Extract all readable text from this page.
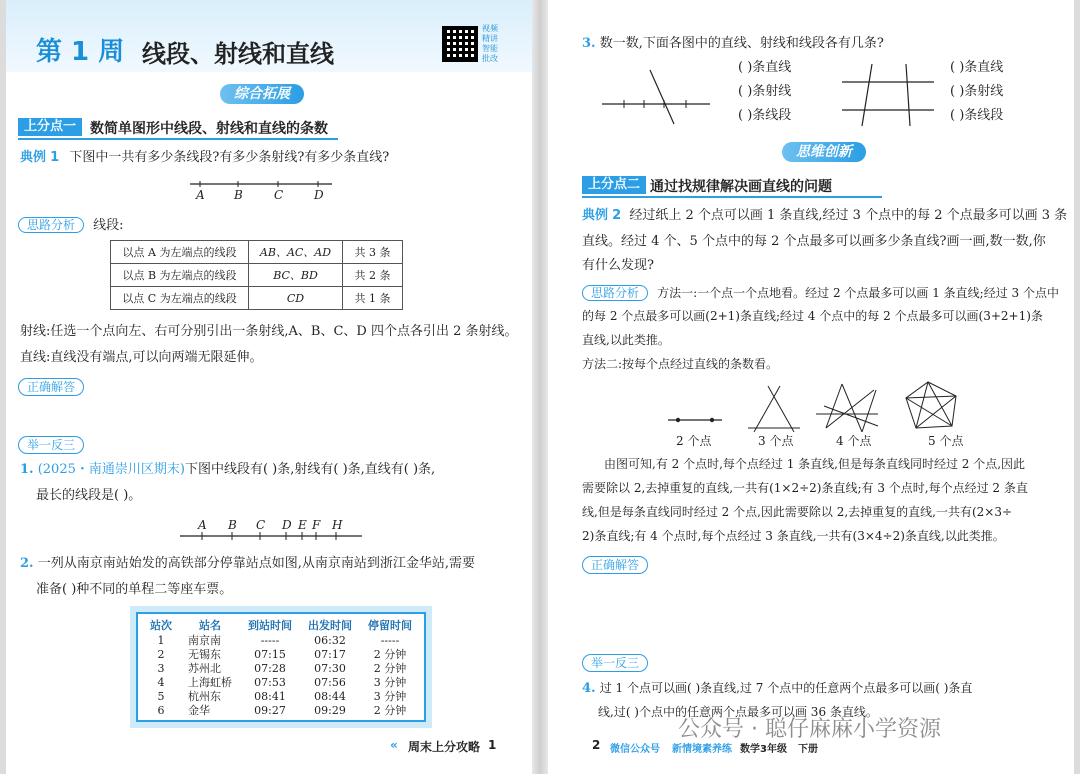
第 1 周 线段、射线和直线
视频精讲智能批改
综合拓展
上分点一 数简单图形中线段、射线和直线的条数
典例 1 下图中一共有多少条线段?有多少条射线?有多少条直线?
A B	C	D
思路分析 线段:
以点 A 为左端点的线段	AB、AC、AD	共 3 条
以点 B 为左端点的线段	BC、BD	共 2 条
以点 C 为左端点的线段	CD	共 1 条
射线:任选一个点向左、右可分别引出一条射线,A、B、C、D 四个点各引出 2 条射线。
直线:直线没有端点,可以向两端无限延伸。
正确解答
举一反三
1. (2025・南通崇川区期末)下图中线段有( )条,射线有( )条,直线有( )条,
最长的线段是( )。
A B C D E F H
2. 一列从南京南站始发的高铁部分停靠站点如图,从南京南站到浙江金华站,需要
准备( )种不同的单程二等座车票。
站次	站名	到站时间	出发时间	停留时间
1	南京南	-----	06:32	-----
2	无锡东	07:15	07:17	2 分钟
3	苏州北	07:28	07:30	2 分钟
4	上海虹桥	07:53	07:56	3 分钟
5	杭州东	08:41	08:44	3 分钟
6	金华	09:27	09:29	2 分钟
« 周末上分攻略 1
3. 数一数,下面各图中的直线、射线和线段各有几条?
( )条直线
( )条射线
( )条线段
( )条直线
( )条射线
( )条线段
思维创新
上分点二 通过找规律解决画直线的问题
典例 2 经过纸上 2 个点可以画 1 条直线,经过 3 个点中的每 2 个点最多可以画 3 条
直线。经过 4 个、5 个点中的每 2 个点最多可以画多少条直线?画一画,数一数,你
有什么发现?
思路分析 方法一:一个点一个点地看。经过 2 个点最多可以画 1 条直线;经过 3 个点中
的每 2 个点最多可以画(2+1)条直线;经过 4 个点中的每 2 个点最多可以画(3+2+1)条
直线,以此类推。
方法二:按每个点经过直线的条数看。
2 个点	3 个点	4 个点	5 个点
由图可知,有 2 个点时,每个点经过 1 条直线,但是每条直线同时经过 2 个点,因此
需要除以 2,去掉重复的直线,一共有(1×2÷2)条直线;有 3 个点时,每个点经过 2 条直
线,但是每条直线同时经过 2 个点,因此需要除以 2,去掉重复的直线,一共有(2×3÷
2)条直线;有 4 个点时,每个点经过 3 条直线,一共有(3×4÷2)条直线,以此类推。
正确解答
举一反三
4. 过 1 个点可以画( )条直线,过 7 个点中的任意两个点最多可以画( )条直
线,过( )个点中的任意两个点最多可以画 36 条直线。
2 微信公众号 新情境素养练 数学3年级 下册
公众号 · 聪仔麻麻小学资源
